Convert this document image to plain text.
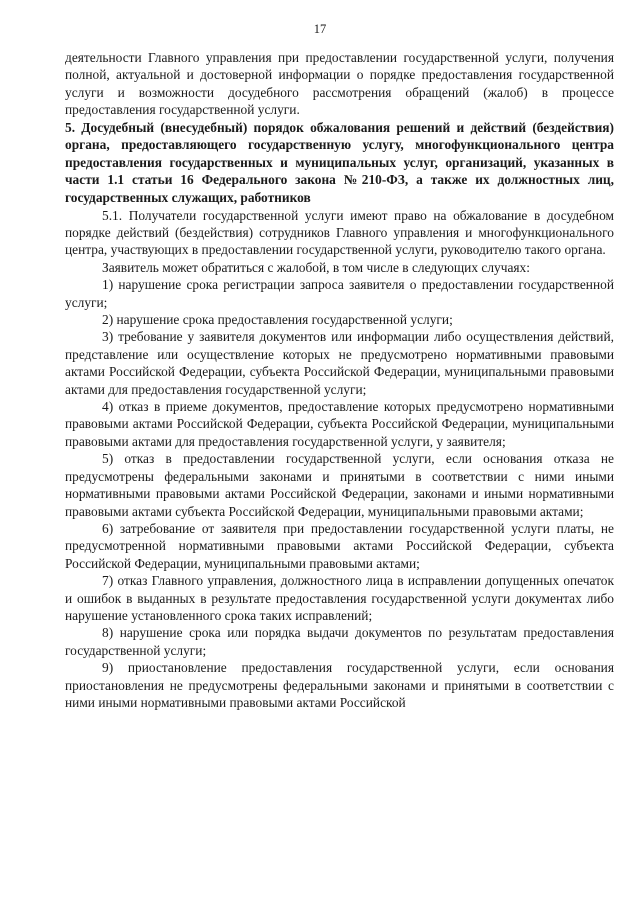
17

деятельности Главного управления при предоставлении государственной услуги, получения полной, актуальной и достоверной информации о порядке предоставления государственной услуги и возможности досудебного рассмотрения обращений (жалоб) в процессе предоставления государственной услуги.

5. Досудебный (внесудебный) порядок обжалования решений и действий (бездействия) органа, предоставляющего государственную услугу, многофункционального центра предоставления государственных и муниципальных услуг, организаций, указанных в части 1.1 статьи 16 Федерального закона №210-ФЗ, а также их должностных лиц, государственных служащих, работников

5.1. Получатели государственной услуги имеют право на обжалование в досудебном порядке действий (бездействия) сотрудников Главного управления и многофункционального центра, участвующих в предоставлении государственной услуги, руководителю такого органа.

Заявитель может обратиться с жалобой, в том числе в следующих случаях:

1) нарушение срока регистрации запроса заявителя о предоставлении государственной услуги;

2) нарушение срока предоставления государственной услуги;

3) требование у заявителя документов или информации либо осуществления действий, представление или осуществление которых не предусмотрено нормативными правовыми актами Российской Федерации, субъекта Российской Федерации, муниципальными правовыми актами для предоставления государственной услуги;

4) отказ в приеме документов, предоставление которых предусмотрено нормативными правовыми актами Российской Федерации, субъекта Российской Федерации, муниципальными правовыми актами для предоставления государственной услуги, у заявителя;

5) отказ в предоставлении государственной услуги, если основания отказа не предусмотрены федеральными законами и принятыми в соответствии с ними иными нормативными правовыми актами Российской Федерации, законами и иными нормативными правовыми актами субъекта Российской Федерации, муниципальными правовыми актами;

6) затребование от заявителя при предоставлении государственной услуги платы, не предусмотренной нормативными правовыми актами Российской Федерации, субъекта Российской Федерации, муниципальными правовыми актами;

7) отказ Главного управления, должностного лица в исправлении допущенных опечаток и ошибок в выданных в результате предоставления государственной услуги документах либо нарушение установленного срока таких исправлений;

8) нарушение срока или порядка выдачи документов по результатам предоставления государственной услуги;

9) приостановление предоставления государственной услуги, если основания приостановления не предусмотрены федеральными законами и принятыми в соответствии с ними иными нормативными правовыми актами Российской
